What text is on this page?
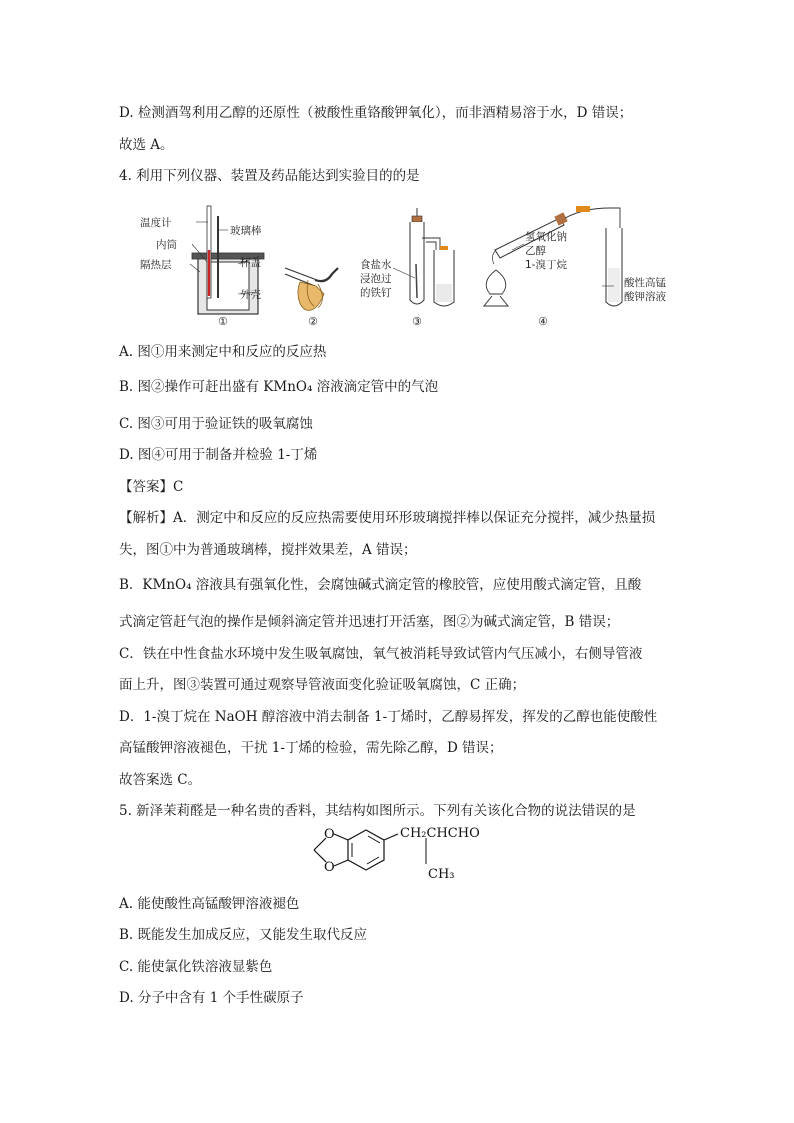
D. 检测酒驾利用乙醇的还原性（被酸性重铬酸钾氧化），而非酒精易溶于水，D 错误；
故选 A。
4. 利用下列仪器、装置及药品能达到实验目的的是
温度计
玻璃棒
内筒
杯盖
隔热层
外壳
①	②
食盐水
浸泡过
的铁钉
③
氢氧化钠
乙醇
1-溴丁烷
酸性高锰
酸钾溶液
④
A. 图①用来测定中和反应的反应热
B. 图②操作可赶出盛有 KMnO₄ 溶液滴定管中的气泡
C. 图③可用于验证铁的吸氧腐蚀
D. 图④可用于制备并检验 1-丁烯
【答案】C
【解析】A．测定中和反应的反应热需要使用环形玻璃搅拌棒以保证充分搅拌，减少热量损
失，图①中为普通玻璃棒，搅拌效果差，A 错误；
B．KMnO₄ 溶液具有强氧化性，会腐蚀碱式滴定管的橡胶管，应使用酸式滴定管，且酸
式滴定管赶气泡的操作是倾斜滴定管并迅速打开活塞，图②为碱式滴定管，B 错误；
C．铁在中性食盐水环境中发生吸氧腐蚀，氧气被消耗导致试管内气压减小，右侧导管液
面上升，图③装置可通过观察导管液面变化验证吸氧腐蚀，C 正确；
D．1-溴丁烷在 NaOH 醇溶液中消去制备 1-丁烯时，乙醇易挥发，挥发的乙醇也能使酸性
高锰酸钾溶液褪色，干扰 1-丁烯的检验，需先除乙醇，D 错误；
故答案选 C。
5. 新泽茉莉醛是一种名贵的香料，其结构如图所示。下列有关该化合物的说法错误的是
O
O
CH₂CHCHO
CH₃
A. 能使酸性高锰酸钾溶液褪色
B. 既能发生加成反应，又能发生取代反应
C. 能使氯化铁溶液显紫色
D. 分子中含有 1 个手性碳原子
